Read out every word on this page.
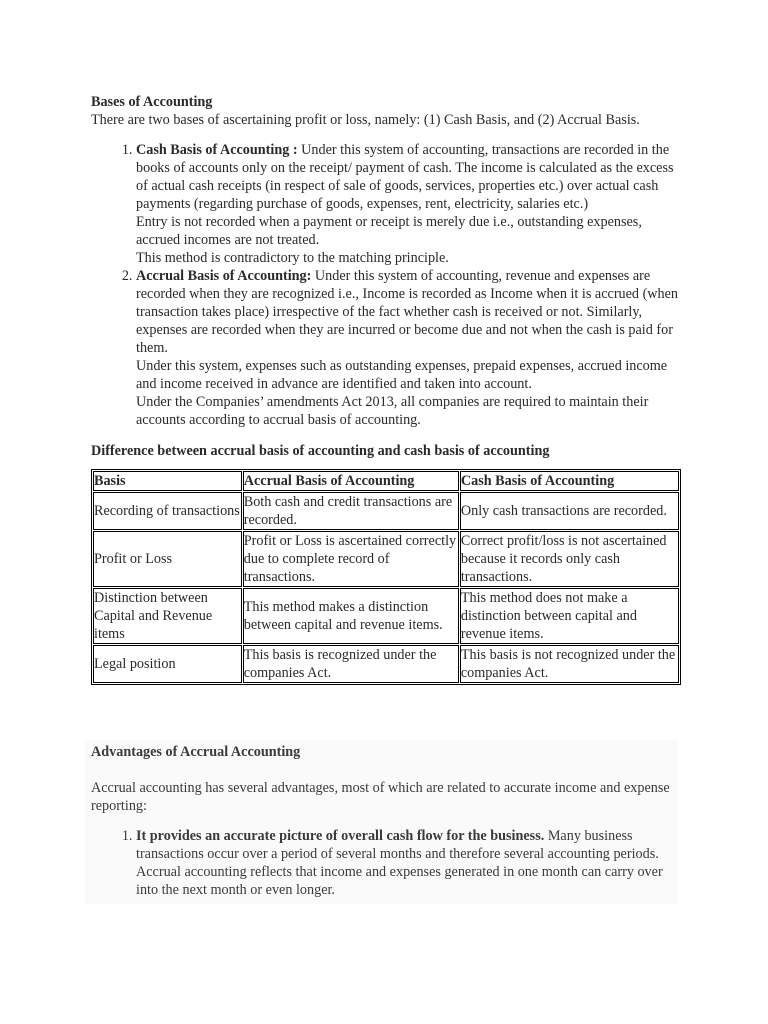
Bases of Accounting

There are two bases of ascertaining profit or loss, namely: (1) Cash Basis, and (2) Accrual Basis.

1. Cash Basis of Accounting : Under this system of accounting, transactions are recorded in the books of accounts only on the receipt/ payment of cash. The income is calculated as the excess of actual cash receipts (in respect of sale of goods, services, properties etc.) over actual cash payments (regarding purchase of goods, expenses, rent, electricity, salaries etc.)
Entry is not recorded when a payment or receipt is merely due i.e., outstanding expenses, accrued incomes are not treated.
This method is contradictory to the matching principle.
2. Accrual Basis of Accounting: Under this system of accounting, revenue and expenses are recorded when they are recognized i.e., Income is recorded as Income when it is accrued (when transaction takes place) irrespective of the fact whether cash is received or not. Similarly, expenses are recorded when they are incurred or become due and not when the cash is paid for them.
Under this system, expenses such as outstanding expenses, prepaid expenses, accrued income and income received in advance are identified and taken into account.
Under the Companies’ amendments Act 2013, all companies are required to maintain their accounts according to accrual basis of accounting.

Difference between accrual basis of accounting and cash basis of accounting

Basis	Accrual Basis of Accounting	Cash Basis of Accounting
Recording of transactions	Both cash and credit transactions are recorded.	Only cash transactions are recorded.
Profit or Loss	Profit or Loss is ascertained correctly due to complete record of transactions.	Correct profit/loss is not ascertained because it records only cash transactions.
Distinction between Capital and Revenue items	This method makes a distinction between capital and revenue items.	This method does not make a distinction between capital and revenue items.
Legal position	This basis is recognized under the companies Act.	This basis is not recognized under the companies Act.
Advantages of Accrual Accounting

Accrual accounting has several advantages, most of which are related to accurate income and expense reporting:

1. It provides an accurate picture of overall cash flow for the business. Many business transactions occur over a period of several months and therefore several accounting periods. Accrual accounting reflects that income and expenses generated in one month can carry over into the next month or even longer.
